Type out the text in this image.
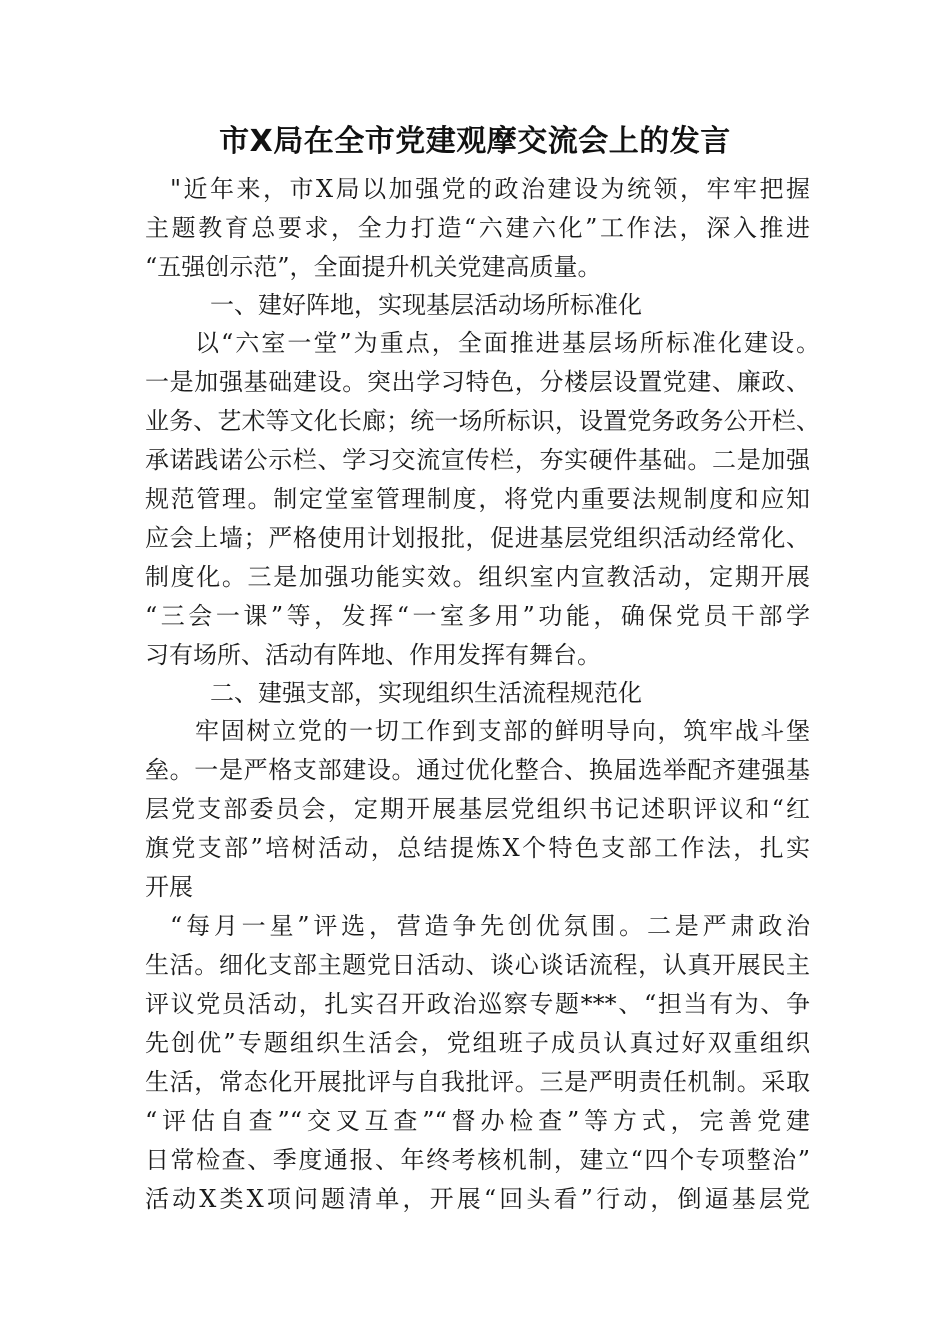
市X局在全市党建观摩交流会上的发言
"近年来，市X局以加强党的政治建设为统领，牢牢把握
主题教育总要求，全力打造“六建六化”工作法，深入推进
“五强创示范”，全面提升机关党建高质量。
一、建好阵地，实现基层活动场所标准化
以“六室一堂”为重点，全面推进基层场所标准化建设。
一是加强基础建设。突出学习特色，分楼层设置党建、廉政、
业务、艺术等文化长廊；统一场所标识，设置党务政务公开栏、
承诺践诺公示栏、学习交流宣传栏，夯实硬件基础。二是加强
规范管理。制定堂室管理制度，将党内重要法规制度和应知
应会上墙；严格使用计划报批，促进基层党组织活动经常化、
制度化。三是加强功能实效。组织室内宣教活动，定期开展
“三会一课”等，发挥“一室多用”功能，确保党员干部学
习有场所、活动有阵地、作用发挥有舞台。
二、建强支部，实现组织生活流程规范化
牢固树立党的一切工作到支部的鲜明导向，筑牢战斗堡
垒。一是严格支部建设。通过优化整合、换届选举配齐建强基
层党支部委员会，定期开展基层党组织书记述职评议和“红
旗党支部”培树活动，总结提炼X个特色支部工作法，扎实
开展
“每月一星”评选，营造争先创优氛围。二是严肃政治
生活。细化支部主题党日活动、谈心谈话流程，认真开展民主
评议党员活动，扎实召开政治巡察专题***、“担当有为、争
先创优”专题组织生活会，党组班子成员认真过好双重组织
生活，常态化开展批评与自我批评。三是严明责任机制。采取
“评估自查”“交叉互查”“督办检查”等方式，完善党建
日常检查、季度通报、年终考核机制，建立“四个专项整治”
活动X类X项问题清单，开展“回头看”行动，倒逼基层党
